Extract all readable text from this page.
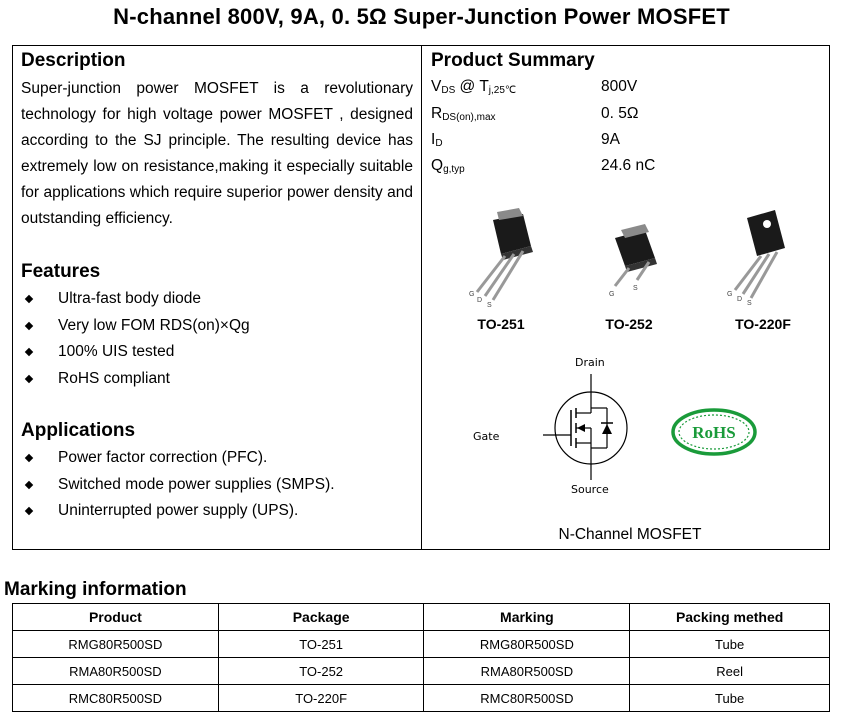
N-channel 800V, 9A, 0. 5Ω Super-Junction Power MOSFET
Description
Super-junction power MOSFET is a revolutionary technology for high voltage power MOSFET , designed according to the SJ principle. The resulting device has extremely low on resistance,making it especially suitable for applications which require superior power density and outstanding efficiency.
Features
Ultra-fast body diode
Very low FOM RDS(on)×Qg
100% UIS tested
RoHS compliant
Applications
Power factor correction (PFC).
Switched mode power supplies (SMPS).
Uninterrupted power supply (UPS).
Product Summary
$V_{DS}$ @ $T_{j,25℃}$	800V
$R_{DS(on),max}$	0. 5Ω
$I_D$	9A
$Q_{g,typ}$	24.6 nC
G
D
S
G
S
G
D
S
TO-251	TO-252	TO-220F
Drain
Gate
Source
RoHS
N-Channel MOSFET
Marking information
Product	Package	Marking	Packing methed
RMG80R500SD	TO-251	RMG80R500SD	Tube
RMA80R500SD	TO-252	RMA80R500SD	Reel
RMC80R500SD	TO-220F	RMC80R500SD	Tube
